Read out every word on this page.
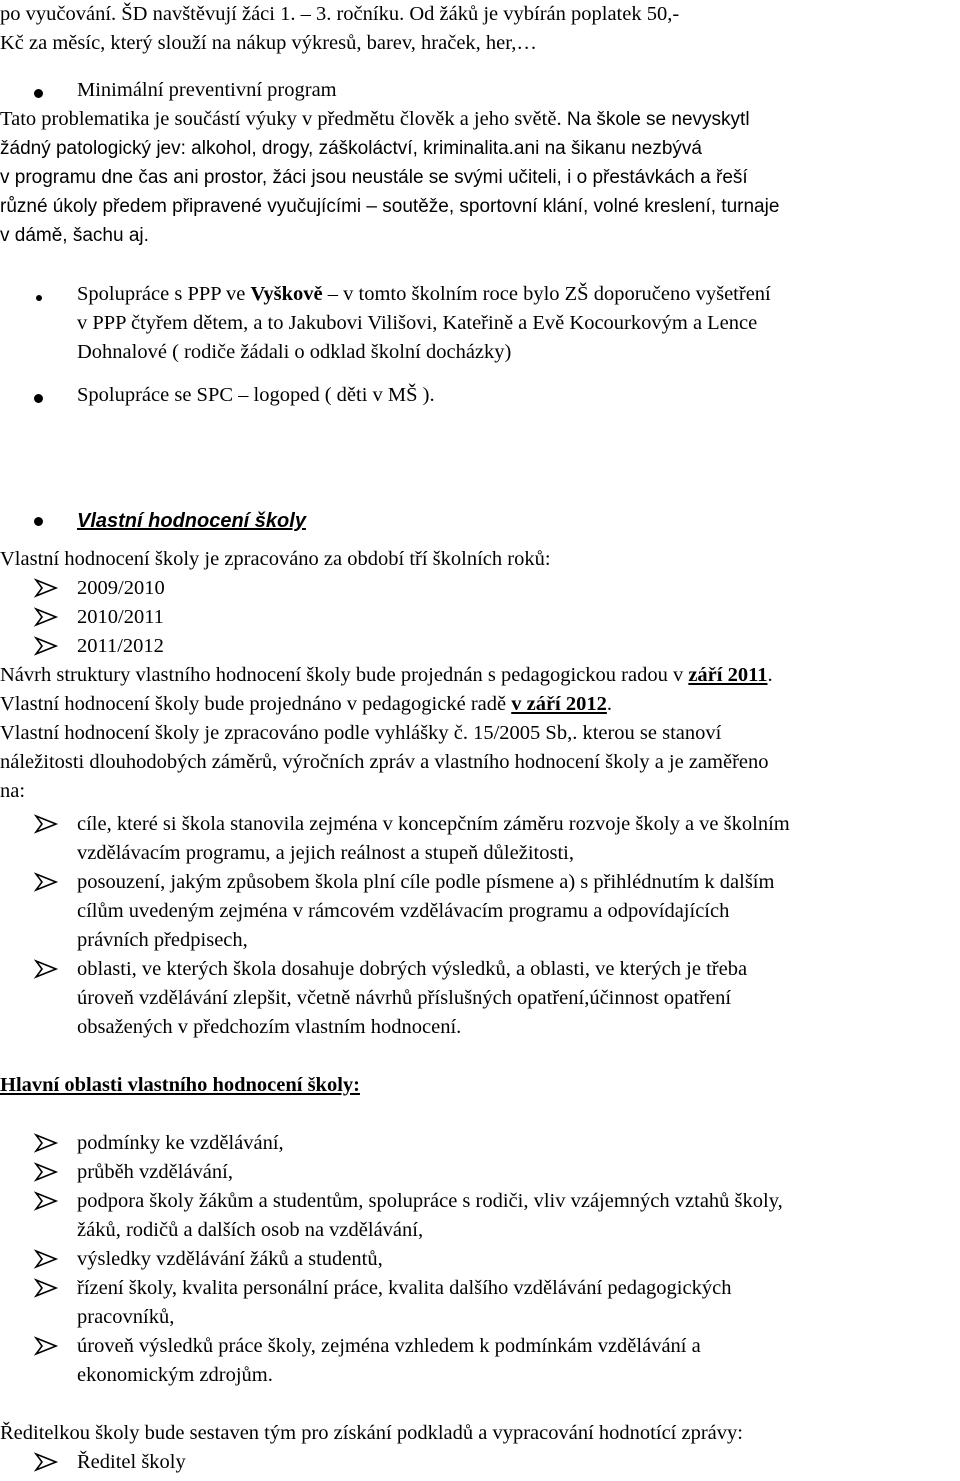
po vyučování. ŠD navštěvují žáci 1. – 3. ročníku. Od žáků je vybírán poplatek 50,-
Kč za měsíc, který slouží na nákup výkresů, barev, hraček, her,…
Minimální preventivní program
Tato problematika je součástí výuky v předmětu člověk a jeho světě. Na škole se nevyskytl
žádný patologický jev: alkohol, drogy, záškoláctví, kriminalita.ani na šikanu nezbývá
v programu dne čas ani prostor, žáci jsou neustále se svými učiteli, i o přestávkách a řeší
různé úkoly předem připravené vyučujícími – soutěže, sportovní klání, volné kreslení, turnaje
v dámě, šachu aj.
Spolupráce s PPP ve Vyškově – v tomto školním roce bylo ZŠ doporučeno vyšetření
v PPP čtyřem dětem, a to Jakubovi Vilišovi, Kateřině a Evě Kocourkovým a Lence
Dohnalové ( rodiče žádali o odklad školní docházky)
Spolupráce se SPC – logoped ( děti v MŠ ).
Vlastní hodnocení školy
Vlastní hodnocení školy je zpracováno za období tří školních roků:
2009/2010
2010/2011
2011/2012
Návrh struktury vlastního hodnocení školy bude projednán s pedagogickou radou v září 2011.
Vlastní hodnocení školy bude projednáno v pedagogické radě v září 2012.
Vlastní hodnocení školy je zpracováno podle vyhlášky č. 15/2005 Sb,. kterou se stanoví
náležitosti dlouhodobých záměrů, výročních zpráv a vlastního hodnocení školy a je zaměřeno
na:
cíle, které si škola stanovila zejména v koncepčním záměru rozvoje školy a ve školním
vzdělávacím programu, a jejich reálnost a stupeň důležitosti,
posouzení, jakým způsobem škola plní cíle podle písmene a) s přihlédnutím k dalším
cílům uvedeným zejména v rámcovém vzdělávacím programu a odpovídajících
právních předpisech,
oblasti, ve kterých škola dosahuje dobrých výsledků, a oblasti, ve kterých je třeba
úroveň vzdělávání zlepšit, včetně návrhů příslušných opatření,účinnost opatření
obsažených v předchozím vlastním hodnocení.
Hlavní oblasti vlastního hodnocení školy:
podmínky ke vzdělávání,
průběh vzdělávání,
podpora školy žákům a studentům, spolupráce s rodiči, vliv vzájemných vztahů školy,
žáků, rodičů a dalších osob na vzdělávání,
výsledky vzdělávání žáků a studentů,
řízení školy, kvalita personální práce, kvalita dalšího vzdělávání pedagogických
pracovníků,
úroveň výsledků práce školy, zejména vzhledem k podmínkám vzdělávání a
ekonomickým zdrojům.
Ředitelkou školy bude sestaven tým pro získání podkladů a vypracování hodnotící zprávy:
Ředitel školy
